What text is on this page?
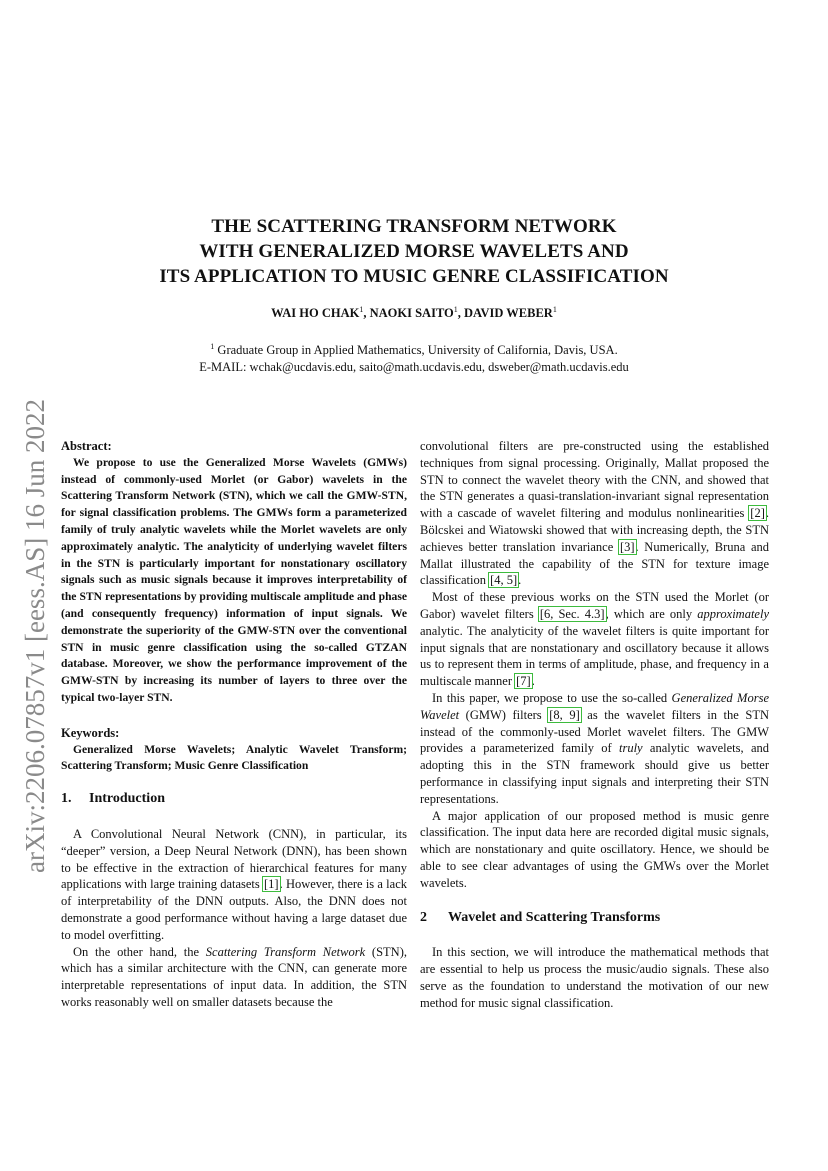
arXiv:2206.07857v1 [eess.AS] 16 Jun 2022
THE SCATTERING TRANSFORM NETWORK
WITH GENERALIZED MORSE WAVELETS AND
ITS APPLICATION TO MUSIC GENRE CLASSIFICATION
WAI HO CHAK$^1$, NAOKI SAITO$^1$, DAVID WEBER$^1$
$^1$ Graduate Group in Applied Mathematics, University of California, Davis, USA.
E-MAIL: wchak@ucdavis.edu, saito@math.ucdavis.edu, dsweber@math.ucdavis.edu

Abstract:

We propose to use the Generalized Morse Wavelets (GMWs) instead of commonly-used Morlet (or Gabor) wavelets in the Scattering Transform Network (STN), which we call the GMW-STN, for signal classification problems. The GMWs form a parameterized family of truly analytic wavelets while the Morlet wavelets are only approximately analytic. The analyticity of underlying wavelet filters in the STN is particularly important for nonstationary oscillatory signals such as music signals because it improves interpretability of the STN representations by providing multiscale amplitude and phase (and consequently frequency) information of input signals. We demonstrate the superiority of the GMW-STN over the conventional STN in music genre classification using the so-called GTZAN database. Moreover, we show the performance improvement of the GMW-STN by increasing its number of layers to three over the typical two-layer STN.

Keywords:

Generalized Morse Wavelets; Analytic Wavelet Transform; Scattering Transform; Music Genre Classification

1. Introduction

A Convolutional Neural Network (CNN), in particular, its “deeper” version, a Deep Neural Network (DNN), has been shown to be effective in the extraction of hierarchical features for many applications with large training datasets [1]. However, there is a lack of interpretability of the DNN outputs. Also, the DNN does not demonstrate a good performance without having a large dataset due to model overfitting.

On the other hand, the Scattering Transform Network (STN), which has a similar architecture with the CNN, can generate more interpretable representations of input data. In addition, the STN works reasonably well on smaller datasets because the

convolutional filters are pre-constructed using the established techniques from signal processing. Originally, Mallat proposed the STN to connect the wavelet theory with the CNN, and showed that the STN generates a quasi-translation-invariant signal representation with a cascade of wavelet filtering and modulus nonlinearities [2]. Bölcskei and Wiatowski showed that with increasing depth, the STN achieves better translation invariance [3]. Numerically, Bruna and Mallat illustrated the capability of the STN for texture image classification [4, 5].

Most of these previous works on the STN used the Morlet (or Gabor) wavelet filters [6, Sec. 4.3], which are only approximately analytic. The analyticity of the wavelet filters is quite important for input signals that are nonstationary and oscillatory because it allows us to represent them in terms of amplitude, phase, and frequency in a multiscale manner [7].

In this paper, we propose to use the so-called Generalized Morse Wavelet (GMW) filters [8, 9] as the wavelet filters in the STN instead of the commonly-used Morlet wavelet filters. The GMW provides a parameterized family of truly analytic wavelets, and adopting this in the STN framework should give us better performance in classifying input signals and interpreting their STN representations.

A major application of our proposed method is music genre classification. The input data here are recorded digital music signals, which are nonstationary and quite oscillatory. Hence, we should be able to see clear advantages of using the GMWs over the Morlet wavelets.

2 Wavelet and Scattering Transforms

In this section, we will introduce the mathematical methods that are essential to help us process the music/audio signals. These also serve as the foundation to understand the motivation of our new method for music signal classification.
